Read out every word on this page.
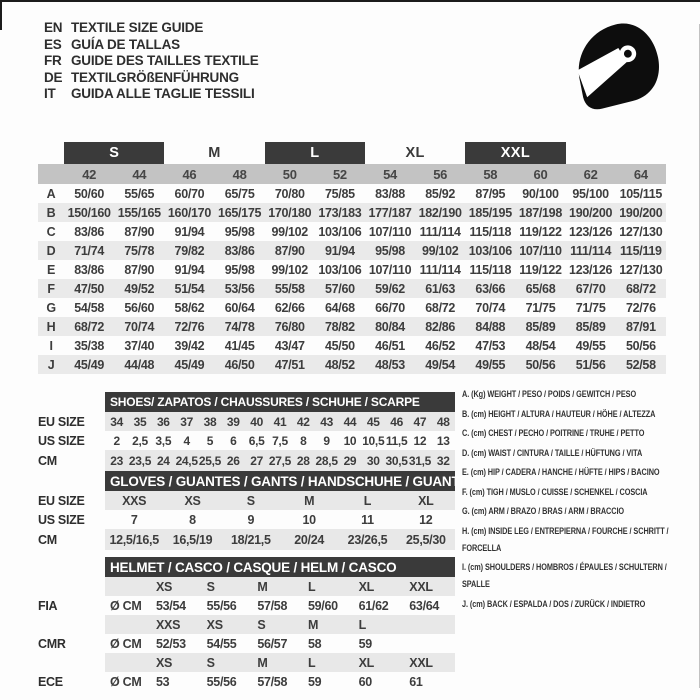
EN TEXTILE SIZE GUIDE
ES GUÍA DE TALLAS
FR GUIDE DES TAILLES TEXTILE
DE TEXTILGRÖßENFÜHRUNG
IT GUIDA ALLE TAGLIE TESSILI
	S		M		L		XL		XXL			
	42	44	46	48	50	52	54	56	58	60	62	64
A	50/60	55/65	60/70	65/75	70/80	75/85	83/88	85/92	87/95	90/100	95/100	105/115
B	150/160	155/165	160/170	165/175	170/180	173/183	177/187	182/190	185/195	187/198	190/200	190/200
C	83/86	87/90	91/94	95/98	99/102	103/106	107/110	111/114	115/118	119/122	123/126	127/130
D	71/74	75/78	79/82	83/86	87/90	91/94	95/98	99/102	103/106	107/110	111/114	115/119
E	83/86	87/90	91/94	95/98	99/102	103/106	107/110	111/114	115/118	119/122	123/126	127/130
F	47/50	49/52	51/54	53/56	55/58	57/60	59/62	61/63	63/66	65/68	67/70	68/72
G	54/58	56/60	58/62	60/64	62/66	64/68	66/70	68/72	70/74	71/75	71/75	72/76
H	68/72	70/74	72/76	74/78	76/80	78/82	80/84	82/86	84/88	85/89	85/89	87/91
I	35/38	37/40	39/42	41/45	43/47	45/50	46/51	46/52	47/53	48/54	49/55	50/56
J	45/49	44/48	45/49	46/50	47/51	48/52	48/53	49/54	49/55	50/56	51/56	52/58
	SHOES/ ZAPATOS / CHAUSSURES / SCHUHE / SCARPE														
EU SIZE	34	35	36	37	38	39	40	41	42	43	44	45	46	47	48
US SIZE	2	2,5	3,5	4	5	6	6,5	7,5	8	9	10	10,5	11,5	12	13
CM	23	23,5	24	24,5	25,5	26	27	27,5	28	28,5	29	30	30,5	31,5	32
	GLOVES / GUANTES / GANTS / HANDSCHUHE / GUANTI					
EU SIZE	XXS	XS	S	M	L	XL
US SIZE	7	8	9	10	11	12
CM	12,5/16,5	16,5/19	18/21,5	20/24	23/26,5	25,5/30
	HELMET / CASCO / CASQUE / HELM / CASCO						
		XS	S	M	L	XL	XXL
FIA	Ø CM	53/54	55/56	57/58	59/60	61/62	63/64
		XXS	XS	S	M	L	
CMR	Ø CM	52/53	54/55	56/57	58	59	
		XS	S	M	L	XL	XXL
ECE	Ø CM	53	55/56	57/58	59	60	61
A. (Kg) WEIGHT / PESO / POIDS / GEWITCH / PESO
B. (cm) HEIGHT / ALTURA / HAUTEUR / HÖHE / ALTEZZA
C. (cm) CHEST / PECHO / POITRINE / TRUHE / PETTO
D. (cm) WAIST / CINTURA / TAILLE / HÜFTUNG / VITA
E. (cm) HIP / CADERA / HANCHE / HÜFTE / HIPS / BACINO
F. (cm) TIGH / MUSLO / CUISSE / SCHENKEL / COSCIA
G. (cm) ARM / BRAZO / BRAS / ARM / BRACCIO
H. (cm) INSIDE LEG / ENTREPIERNA / FOURCHE / SCHRITT / FORCELLA
I. (cm) SHOULDERS / HOMBROS / ÉPAULES / SCHULTERN / SPALLE
J. (cm) BACK / ESPALDA / DOS / ZURÜCK / INDIETRO
